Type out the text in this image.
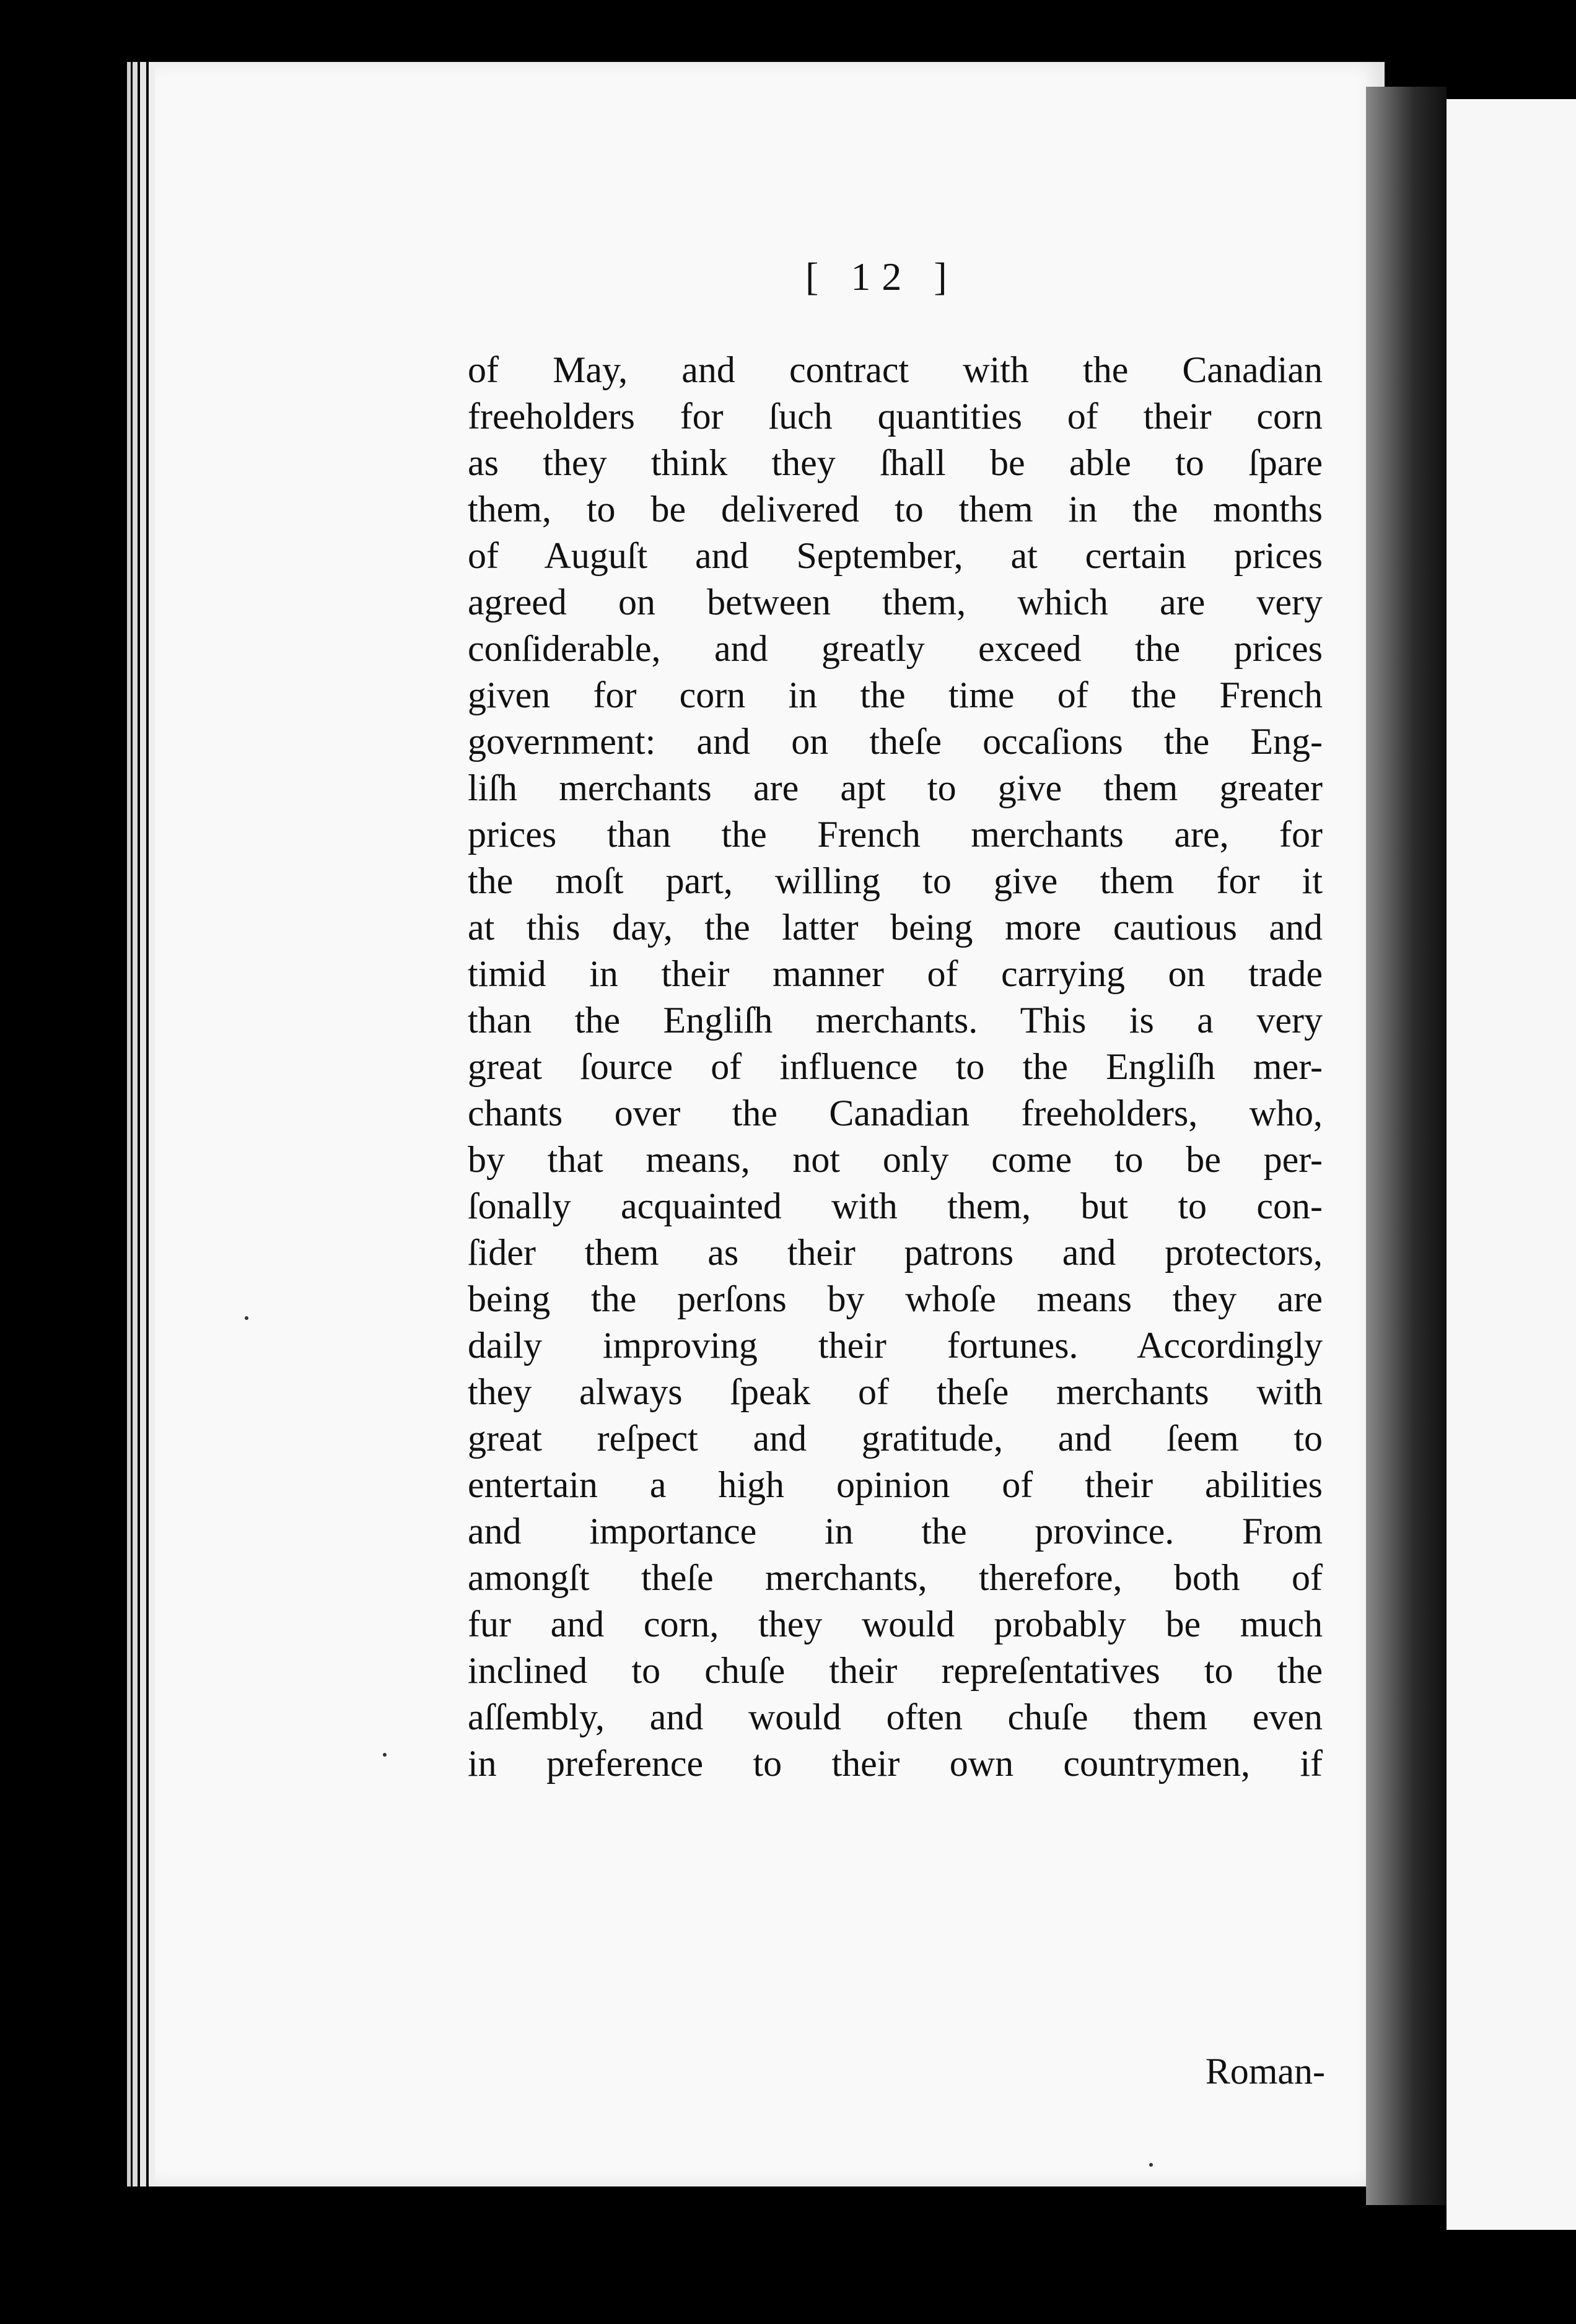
[ 12 ]
of May, and contract with the Canadian
freeholders for ſuch quantities of their corn
as they think they ſhall be able to ſpare
them, to be delivered to them in the months
of Auguſt and September, at certain prices
agreed on between them, which are very
conſiderable, and greatly exceed the prices
given for corn in the time of the French
government: and on theſe occaſions the Eng-
liſh merchants are apt to give them greater
prices than the French merchants are, for
the moſt part, willing to give them for it
at this day, the latter being more cautious and
timid in their manner of carrying on trade
than the Engliſh merchants. This is a very
great ſource of influence to the Engliſh mer-
chants over the Canadian freeholders, who,
by that means, not only come to be per-
ſonally acquainted with them, but to con-
ſider them as their patrons and protectors,
being the perſons by whoſe means they are
daily improving their fortunes. Accordingly
they always ſpeak of theſe merchants with
great reſpect and gratitude, and ſeem to
entertain a high opinion of their abilities
and importance in the province. From
amongſt theſe merchants, therefore, both of
fur and corn, they would probably be much
inclined to chuſe their repreſentatives to the
aſſembly, and would often chuſe them even
in preference to their own countrymen, if
Roman-
